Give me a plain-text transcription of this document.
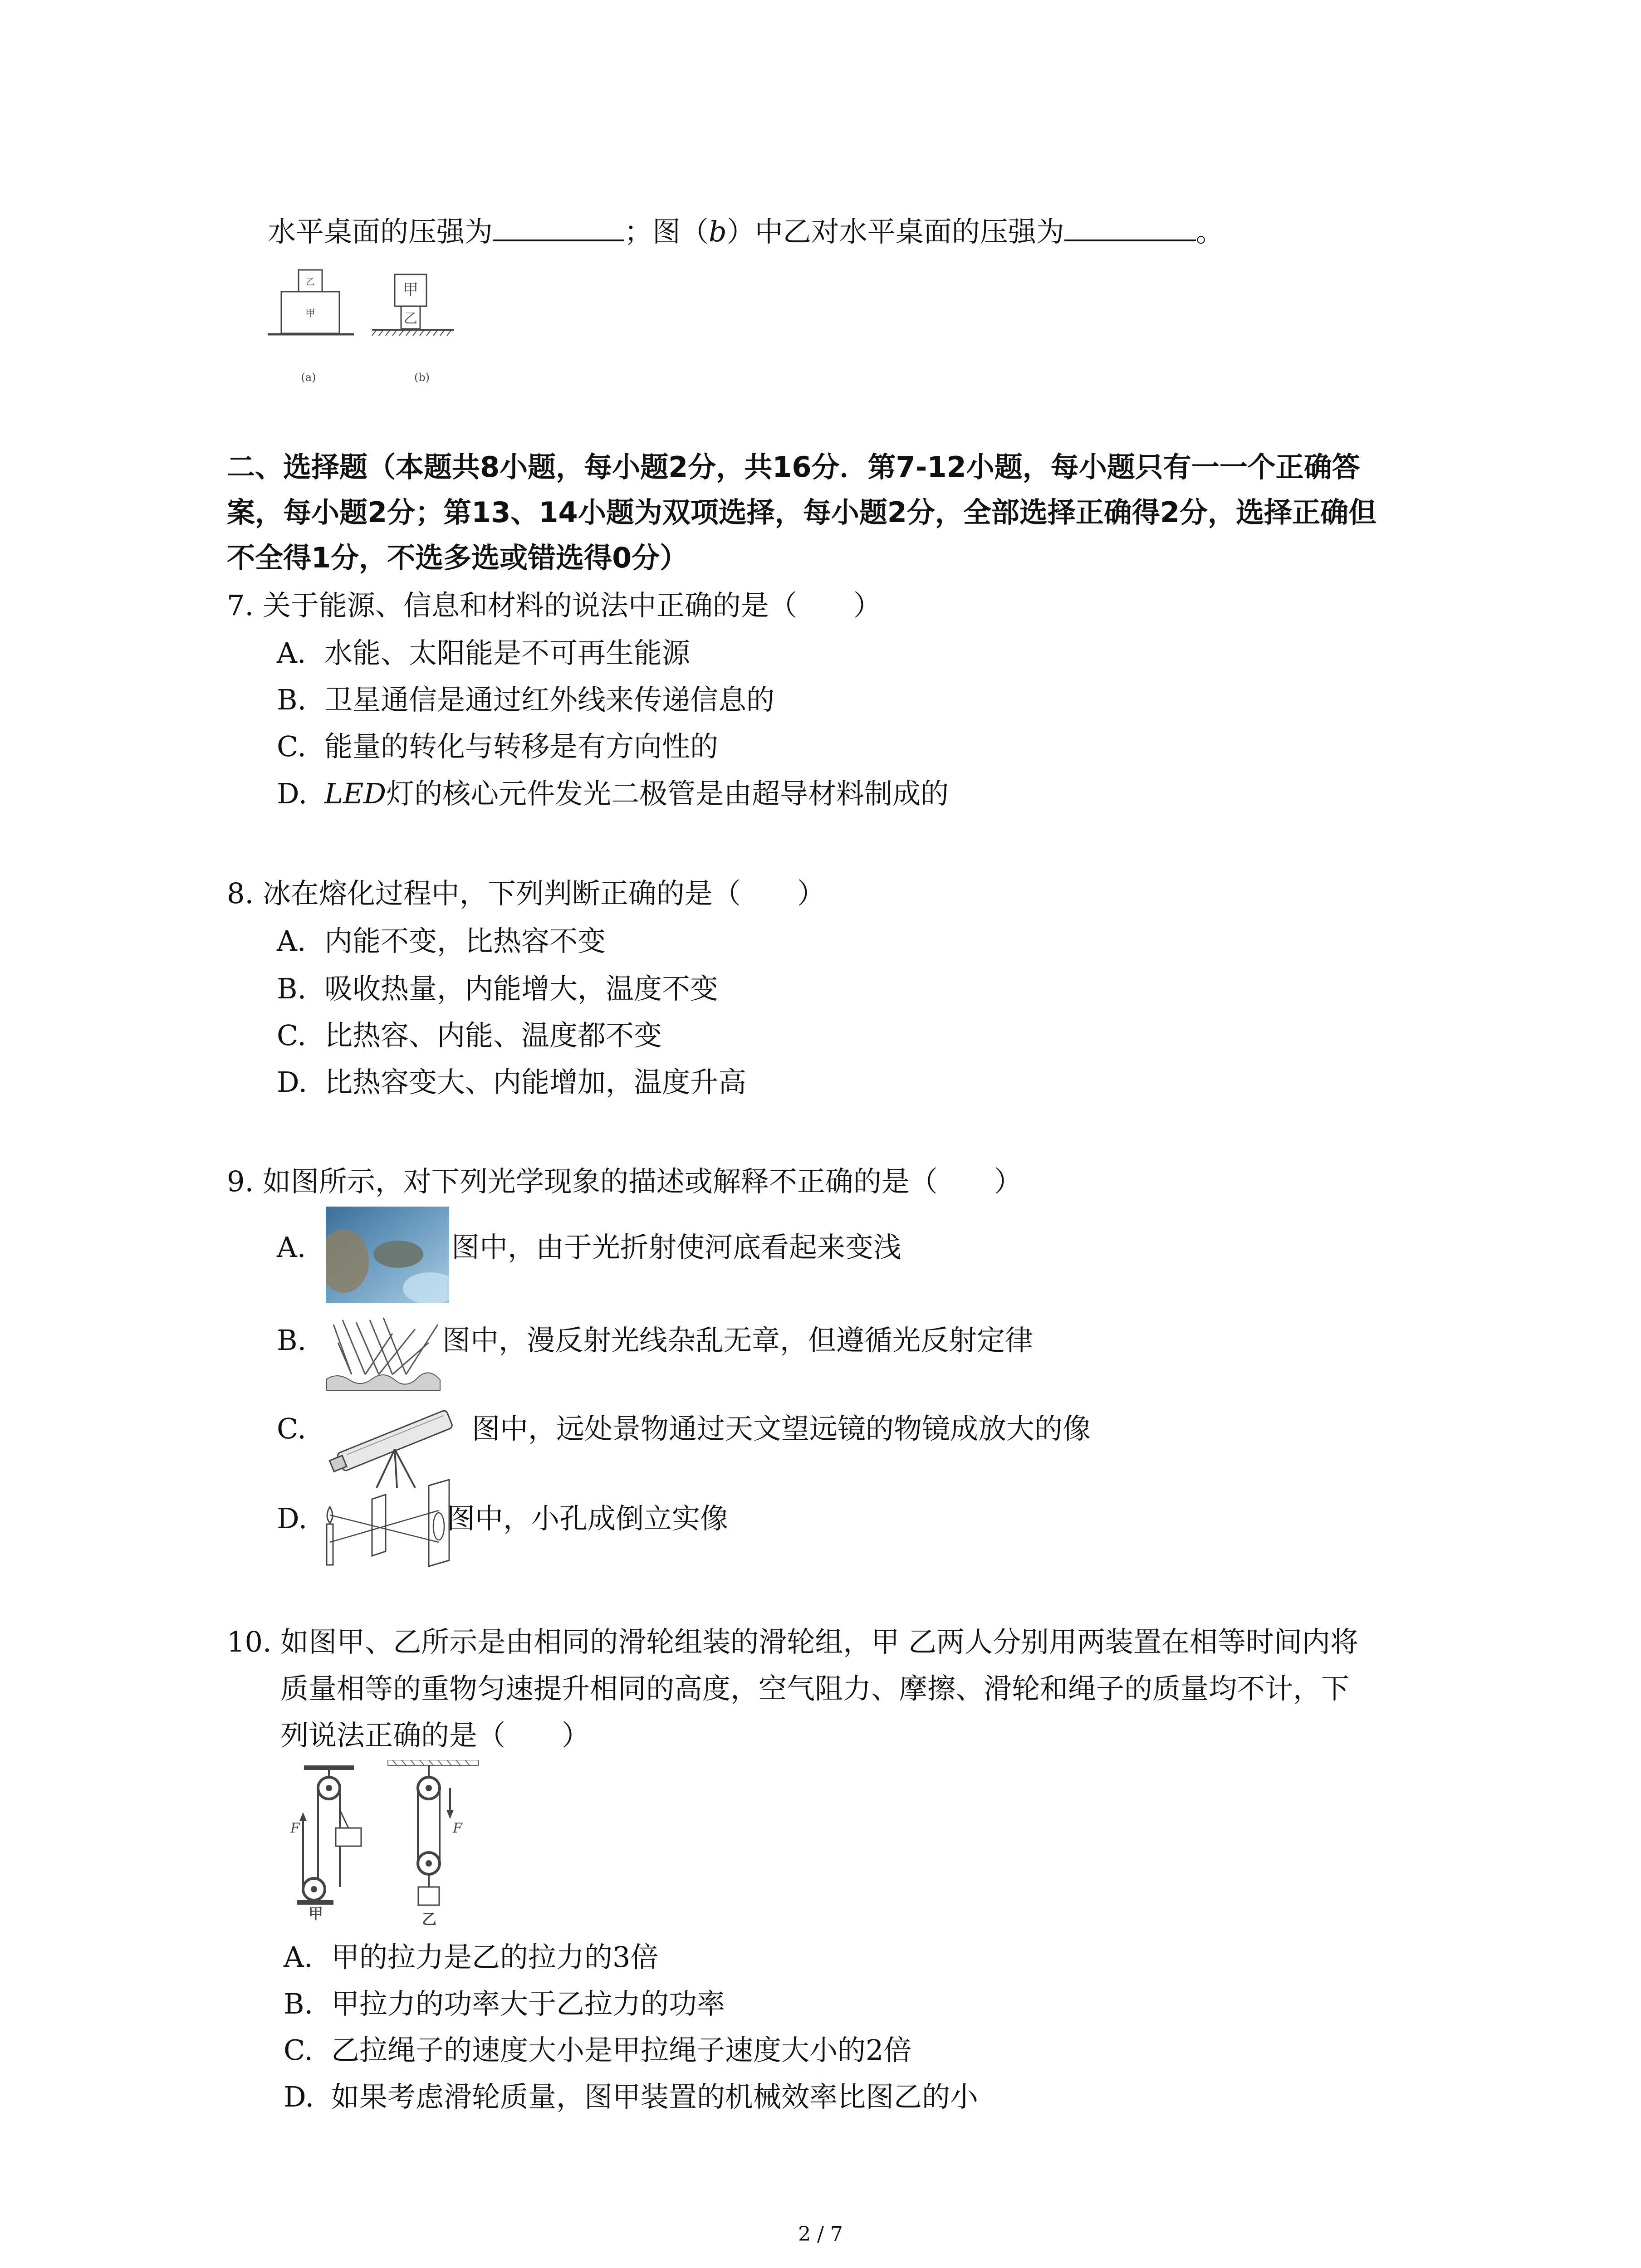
水平桌面的压强为	；图（b）中乙对水平桌面的压强为	。
乙
甲
(a)
甲
乙
(b)
二、选择题（本题共8小题，每小题2分，共16分．第7-12小题，每小题只有一一个正确答
案，每小题2分；第13、14小题为双项选择，每小题2分，全部选择正确得2分，选择正确但
不全得1分，不选多选或错选得0分）
7. 关于能源、信息和材料的说法中正确的是（　　）
A. 水能、太阳能是不可再生能源
B. 卫星通信是通过红外线来传递信息的
C. 能量的转化与转移是有方向性的
D. LED灯的核心元件发光二极管是由超导材料制成的
8. 冰在熔化过程中，下列判断正确的是（　　）
A. 内能不变，比热容不变
B. 吸收热量，内能增大，温度不变
C. 比热容、内能、温度都不变
D. 比热容变大、内能增加，温度升高
9. 如图所示，对下列光学现象的描述或解释不正确的是（　　）
A.	图中，由于光折射使河底看起来变浅
B.	图中，漫反射光线杂乱无章，但遵循光反射定律
C.	图中，远处景物通过天文望远镜的物镜成放大的像
D.	图中，小孔成倒立实像
10. 如图甲、乙所示是由相同的滑轮组装的滑轮组，甲 乙两人分别用两装置在相等时间内将
质量相等的重物匀速提升相同的高度，空气阻力、摩擦、滑轮和绳子的质量均不计，下
列说法正确的是（　　）
F
甲
F
乙
A. 甲的拉力是乙的拉力的3倍
B. 甲拉力的功率大于乙拉力的功率
C. 乙拉绳子的速度大小是甲拉绳子速度大小的2倍
D. 如果考虑滑轮质量，图甲装置的机械效率比图乙的小
2 / 7
